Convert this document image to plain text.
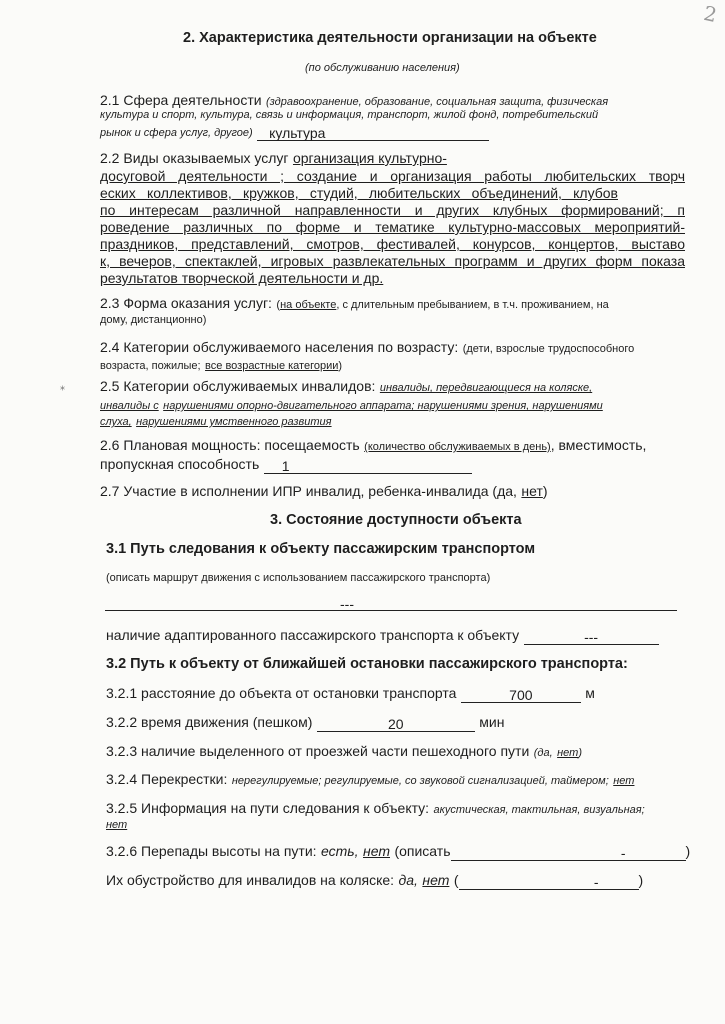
2
2. Характеристика деятельности организации на объекте
(по обслуживанию населения)
2.1 Сфера деятельности (здравоохранение, образование, социальная защита, физическая
культура и спорт, культура, связь и информация, транспорт, жилой фонд, потребительский
рынок и сфера услуг, другое) культура
2.2 Виды оказываемых услуг организация культурно-
досуговой деятельности ; создание и организация работы любительских творч
еских коллективов, кружков, студий, любительских объединений, клубов
по интересам различной направленности и других клубных формирований; п
роведение различных по форме и тематике культурно-массовых мероприятий-
праздников, представлений, смотров, фестивалей, конурсов, концертов, выставо
к, вечеров, спектаклей, игровых развлекательных программ и других форм показа
результатов творческой деятельности и др.
2.3 Форма оказания услуг: (на объекте, с длительным пребыванием, в т.ч. проживанием, на
дому, дистанционно)
2.4 Категории обслуживаемого населения по возрасту: (дети, взрослые трудоспособного
возраста, пожилые; все возрастные категории)
⁎	2.5 Категории обслуживаемых инвалидов: инвалиды, передвигающиеся на коляске,
инвалиды с нарушениями опорно-двигательного аппарата; нарушениями зрения, нарушениями
слуха, нарушениями умственного развития
2.6 Плановая мощность: посещаемость (количество обслуживаемых в день), вместимость,
пропускная способность 1
2.7 Участие в исполнении ИПР инвалид, ребенка-инвалида (да, нет)
3. Состояние доступности объекта
3.1 Путь следования к объекту пассажирским транспортом
(описать маршрут движения с использованием пассажирского транспорта)
---
наличие адаптированного пассажирского транспорта к объекту	---
3.2 Путь к объекту от ближайшей остановки пассажирского транспорта:
3.2.1 расстояние до объекта от остановки транспорта	700	м
3.2.2 время движения (пешком)	20	мин
3.2.3 наличие выделенного от проезжей части пешеходного пути (да, нет)
3.2.4 Перекрестки: нерегулируемые; регулируемые, со звуковой сигнализацией, таймером; нет
3.2.5 Информация на пути следования к объекту: акустическая, тактильная, визуальная;
нет
3.2.6 Перепады высоты на пути: есть, нет (описать	-	)
Их обустройство для инвалидов на коляске: да, нет (	-	)
